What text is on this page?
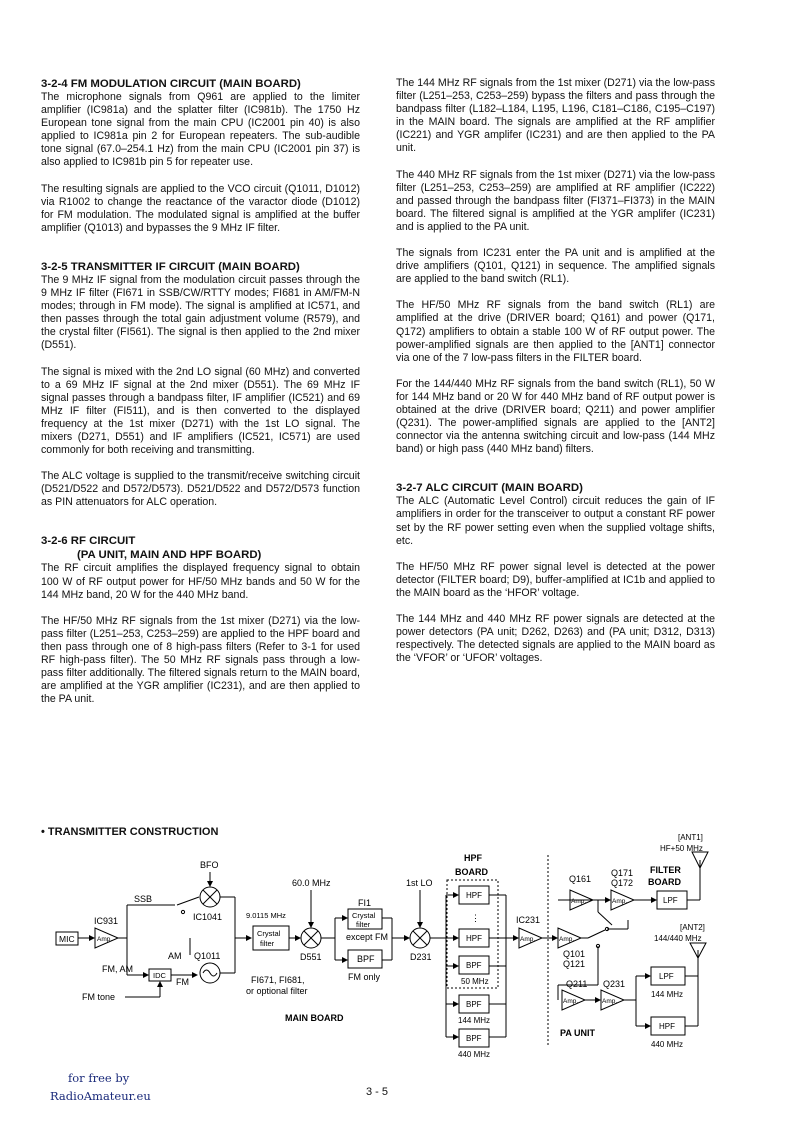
3-2-4 FM MODULATION CIRCUIT (MAIN BOARD)

The microphone signals from Q961 are applied to the limiter amplifier (IC981a) and the splatter filter (IC981b). The 1750 Hz European tone signal from the main CPU (IC2001 pin 40) is also applied to IC981a pin 2 for European repeaters. The sub-audible tone signal (67.0–254.1 Hz) from the main CPU (IC2001 pin 37) is also applied to IC981b pin 5 for repeater use.

The resulting signals are applied to the VCO circuit (Q1011, D1012) via R1002 to change the reactance of the varactor diode (D1012) for FM modulation. The modulated signal is amplified at the buffer amplifier (Q1013) and bypasses the 9 MHz IF filter.

3-2-5 TRANSMITTER IF CIRCUIT (MAIN BOARD)

The 9 MHz IF signal from the modulation circuit passes through the 9 MHz IF filter (FI671 in SSB/CW/RTTY modes; FI681 in AM/FM-N modes; through in FM mode). The signal is amplified at IC571, and then passes through the total gain adjustment volume (R579), and the crystal filter (FI561). The signal is then applied to the 2nd mixer (D551).

The signal is mixed with the 2nd LO signal (60 MHz) and converted to a 69 MHz IF signal at the 2nd mixer (D551). The 69 MHz IF signal passes through a bandpass filter, IF amplifier (IC521) and 69 MHz IF filter (FI511), and is then converted to the displayed frequency at the 1st mixer (D271) with the 1st LO signal. The mixers (D271, D551) and IF amplifiers (IC521, IC571) are used commonly for both receiving and transmitting.

The ALC voltage is supplied to the transmit/receive switching circuit (D521/D522 and D572/D573). D521/D522 and D572/D573 function as PIN attenuators for ALC operation.

3-2-6 RF CIRCUIT
(PA UNIT, MAIN AND HPF BOARD)

The RF circuit amplifies the displayed frequency signal to obtain 100 W of RF output power for HF/50 MHz bands and 50 W for the 144 MHz band, 20 W for the 440 MHz band.

The HF/50 MHz RF signals from the 1st mixer (D271) via the low-pass filter (L251–253, C253–259) are applied to the HPF board and then pass through one of 8 high-pass filters (Refer to 3-1 for used RF high-pass filter). The 50 MHz RF signals pass through a low-pass filter additionally. The filtered signals return to the MAIN board, are amplified at the YGR amplifier (IC231), and are then applied to the PA unit.

The 144 MHz RF signals from the 1st mixer (D271) via the low-pass filter (L251–253, C253–259) bypass the filters and pass through the bandpass filter (L182–L184, L195, L196, C181–C186, C195–C197) in the MAIN board. The signals are amplified at the RF amplifier (IC221) and YGR amplifer (IC231) and are then applied to the PA unit.

The 440 MHz RF signals from the 1st mixer (D271) via the low-pass filter (L251–253, C253–259) are amplified at RF amplifier (IC222) and passed through the bandpass filter (FI371–FI373) in the MAIN board. The filtered signal is amplified at the YGR amplifer (IC231) and is applied to the PA unit.

The signals from IC231 enter the PA unit and is amplified at the drive amplifiers (Q101, Q121) in sequence. The amplified signals are applied to the band switch (RL1).

The HF/50 MHz RF signals from the band switch (RL1) are amplified at the drive (DRIVER board; Q161) and power (Q171, Q172) amplifiers to obtain a stable 100 W of RF output power. The power-amplified signals are then applied to the [ANT1] connector via one of the 7 low-pass filters in the FILTER board.

For the 144/440 MHz RF signals from the band switch (RL1), 50 W for 144 MHz band or 20 W for 440 MHz band of RF output power is obtained at the drive (DRIVER board; Q211) and power amplifier (Q231). The power-amplified signals are applied to the [ANT2] connector via the antenna switching circuit and low-pass (144 MHz band) or high pass (440 MHz band) filters.

3-2-7 ALC CIRCUIT (MAIN BOARD)

The ALC (Automatic Level Control) circuit reduces the gain of IF amplifiers in order for the transceiver to output a constant RF power set by the RF power setting even when the supplied voltage shifts, etc.

The HF/50 MHz RF power signal level is detected at the power detector (FILTER board; D9), buffer-amplified at IC1b and applied to the MAIN board as the ‘HFOR’ voltage.

The 144 MHz and 440 MHz RF power signals are detected at the power detectors (PA unit; D262, D263) and (PA unit; D312, D313) respectively. The detected signals are applied to the MAIN board as the ‘VFOR’ or ‘UFOR’ voltages.

• TRANSMITTER CONSTRUCTION
MIC	Amp.
IC931
SSB
FM, AM
IDC
FM
FM tone
Q1011
AM
BFO
IC1041	9.0115 MHz
Crystal
filter
FI671, FI681,
or optional filter
60.0 MHz
D551
FI1
Crystal
filter
except FM
BPF
FM only
1st LO
D231
MAIN BOARD
HPF
BOARD
HPF
⋮
HPF
BPF
50 MHz
BPF
144 MHz
BPF
440 MHz
Amp.
IC231
Amp.
Q101
Q121
Q161
Amp.
Q171
Q172
Amp.
FILTER
BOARD
LPF
[ANT1]
HF+50 MHz
Q211
Amp.
Q231
Amp.
PA UNIT
LPF
144 MHz
HPF
440 MHz
[ANT2]
144/440 MHz
for free by
RadioAmateur.eu	3 - 5
